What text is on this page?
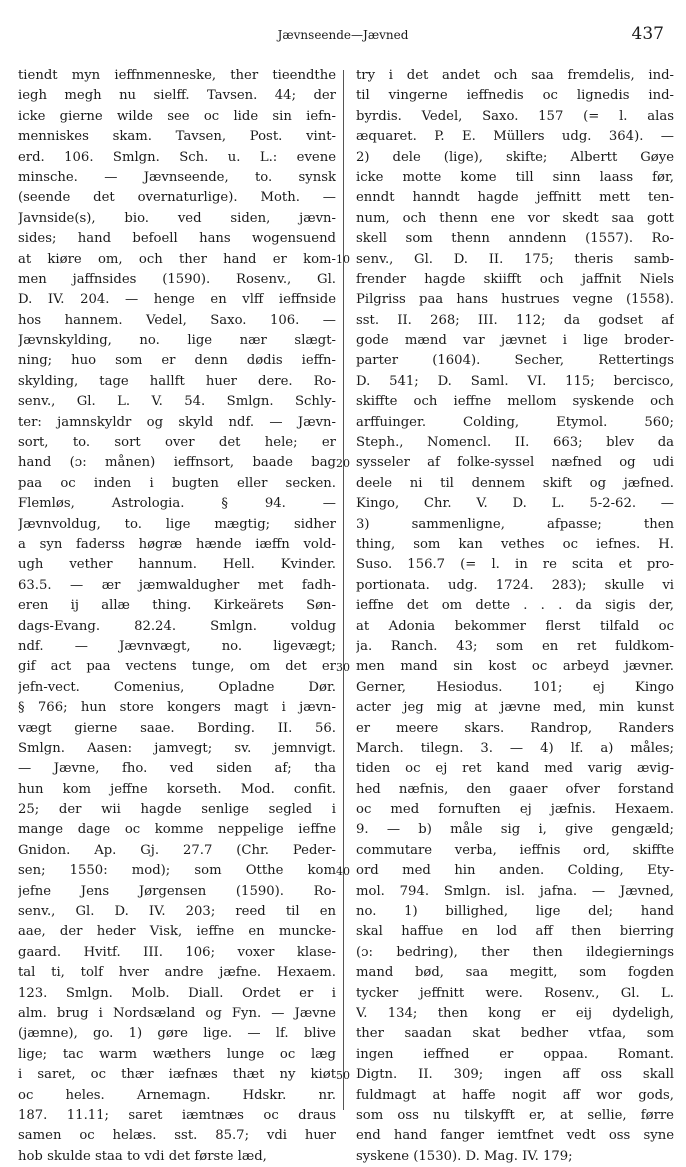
Jævnseende—Jævned	437
tiendt myn ieffnmenneske, ther tieendthe
iegh megh nu sielff. Tavsen. 44; der
icke gierne wilde see oc lide sin iefn-
menniskes skam. Tavsen, Post. vint-
erd. 106. Smlgn. Sch. u. L.: evene
minsche. — Jævnseende, to. synsk
(seende det overnaturlige). Moth. —
Javnside(s), bio. ved siden, jævn-
sides; hand befoell hans wogensuend
at kiøre om, och ther hand er kom-
men jaffnsides (1590). Rosenv., Gl.
D. IV. 204. — henge en vlff ieffnside
hos hannem. Vedel, Saxo. 106. —
Jævnskylding, no. lige nær slægt-
ning; huo som er denn dødis ieffn-
skylding, tage hallft huer dere. Ro-
senv., Gl. L. V. 54. Smlgn. Schly-
ter: jamnskyldr og skyld ndf. — Jævn-
sort, to. sort over det hele; er
hand (ɔ: månen) ieffnsort, baade bag
paa oc inden i bugten eller secken.
Flemløs, Astrologia. § 94. —
Jævnvoldug, to. lige mægtig; sidher
a syn faderss høgræ hænde iæffn vold-
ugh vether hannum. Hell. Kvinder.
63.5. — ær jæmwaldugher met fadh-
eren ij allæ thing. Kirkeärets Søn-
dags-Evang. 82.24. Smlgn. voldug
ndf. — Jævnvægt, no. ligevægt;
gif act paa vectens tunge, om det er
jefn-vect. Comenius, Opladne Dør.
§ 766; hun store kongers magt i jævn-
vægt gierne saae. Bording. II. 56.
Smlgn. Aasen: jamvegt; sv. jemnvigt.
— Jævne, fho. ved siden af; tha
hun kom jeffne korseth. Mod. confit.
25; der wii hagde senlige segled i
mange dage oc komme neppelige ieffne
Gnidon. Ap. Gj. 27.7 (Chr. Peder-
sen; 1550: mod); som Otthe kom
jefne Jens Jørgensen (1590). Ro-
senv., Gl. D. IV. 203; reed til en
aae, der heder Visk, ieffne en muncke-
gaard. Hvitf. III. 106; voxer klase-
tal ti, tolf hver andre jæfne. Hexaem.
123. Smlgn. Molb. Diall. Ordet er i
alm. brug i Nordsæland og Fyn. — Jævne
(jæmne), go. 1) gøre lige. — lf. blive
lige; tac warm wæthers lunge oc læg
i saret, oc thær iæfnæs thæt ny kiøt
oc heles. Arnemagn. Hdskr. nr.
187. 11.11; saret iæmtnæs oc draus
samen oc helæs. sst. 85.7; vdi huer
hob skulde staa to vdi det første læd,
10
20
30
40
50
try i det andet och saa fremdelis, ind-
til vingerne ieffnedis oc lignedis ind-
byrdis. Vedel, Saxo. 157 (= l. alas
æquaret. P. E. Müllers udg. 364). —
2) dele (lige), skifte; Albertt Gøye
icke motte kome till sinn laass før,
enndt hanndt hagde jeffnitt mett ten-
num, och thenn ene vor skedt saa gott
skell som thenn anndenn (1557). Ro-
senv., Gl. D. II. 175; theris samb-
frender hagde skiifft och jaffnit Niels
Pilgriss paa hans hustrues vegne (1558).
sst. II. 268; III. 112; da godset af
gode mænd var jævnet i lige broder-
parter (1604). Secher, Rettertings
D. 541; D. Saml. VI. 115; bercisco,
skiffte och ieffne mellom syskende och
arffuinger. Colding, Etymol. 560;
Steph., Nomencl. II. 663; blev da
sysseler af folke-syssel næfned og udi
deele ni til dennem skift og jæfned.
Kingo, Chr. V. D. L. 5-2-62. —
3) sammenligne, afpasse; then
thing, som kan vethes oc iefnes. H.
Suso. 156.7 (= l. in re scita et pro-
portionata. udg. 1724. 283); skulle vi
ieffne det om dette . . . da sigis der,
at Adonia bekommer flerst tilfald oc
ja. Ranch. 43; som en ret fuldkom-
men mand sin kost oc arbeyd jævner.
Gerner, Hesiodus. 101; ej Kingo
acter jeg mig at jævne med, min kunst
er meere skars. Randrop, Randers
March. tilegn. 3. — 4) lf. a) måles;
tiden oc ej ret kand med varig ævig-
hed næfnis, den gaaer ofver forstand
oc med fornuften ej jæfnis. Hexaem.
9. — b) måle sig i, give gengæld;
commutare verba, ieffnis ord, skiffte
ord med hin anden. Colding, Ety-
mol. 794. Smlgn. isl. jafna. — Jævned,
no. 1) billighed, lige del; hand
skal haffue en lod aff then bierring
(ɔ: bedring), ther then ildegiernings
mand bød, saa megitt, som fogden
tycker jeffnitt were. Rosenv., Gl. L.
V. 134; then kong er eij dydeligh,
ther saadan skat bedher vtfaa, som
ingen ieffned er oppaa. Romant.
Digtn. II. 309; ingen aff oss skall
fuldmagt at haffe nogit aff wor gods,
som oss nu tilskyfft er, at sellie, førre
end hand fanger iemtfnet vedt oss syne
syskene (1530). D. Mag. IV. 179;
